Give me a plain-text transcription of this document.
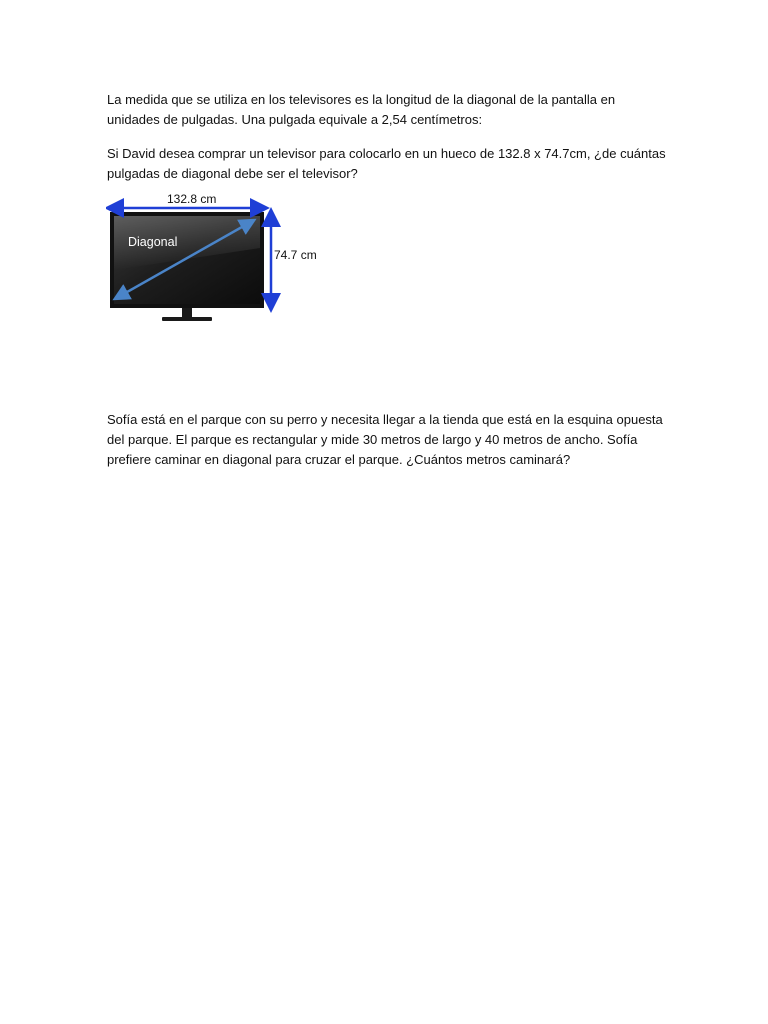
La medida que se utiliza en los televisores es la longitud de la diagonal de la pantalla en unidades de pulgadas. Una pulgada equivale a 2,54 centímetros:

Si David desea comprar un televisor para colocarlo en un hueco de 132.8 x 74.7cm, ¿de cuántas pulgadas de diagonal debe ser el televisor?

132.8 cm
74.7 cm
Diagonal

Sofía está en el parque con su perro y necesita llegar a la tienda que está en la esquina opuesta del parque. El parque es rectangular y mide 30 metros de largo y 40 metros de ancho. Sofía prefiere caminar en diagonal para cruzar el parque. ¿Cuántos metros caminará?
